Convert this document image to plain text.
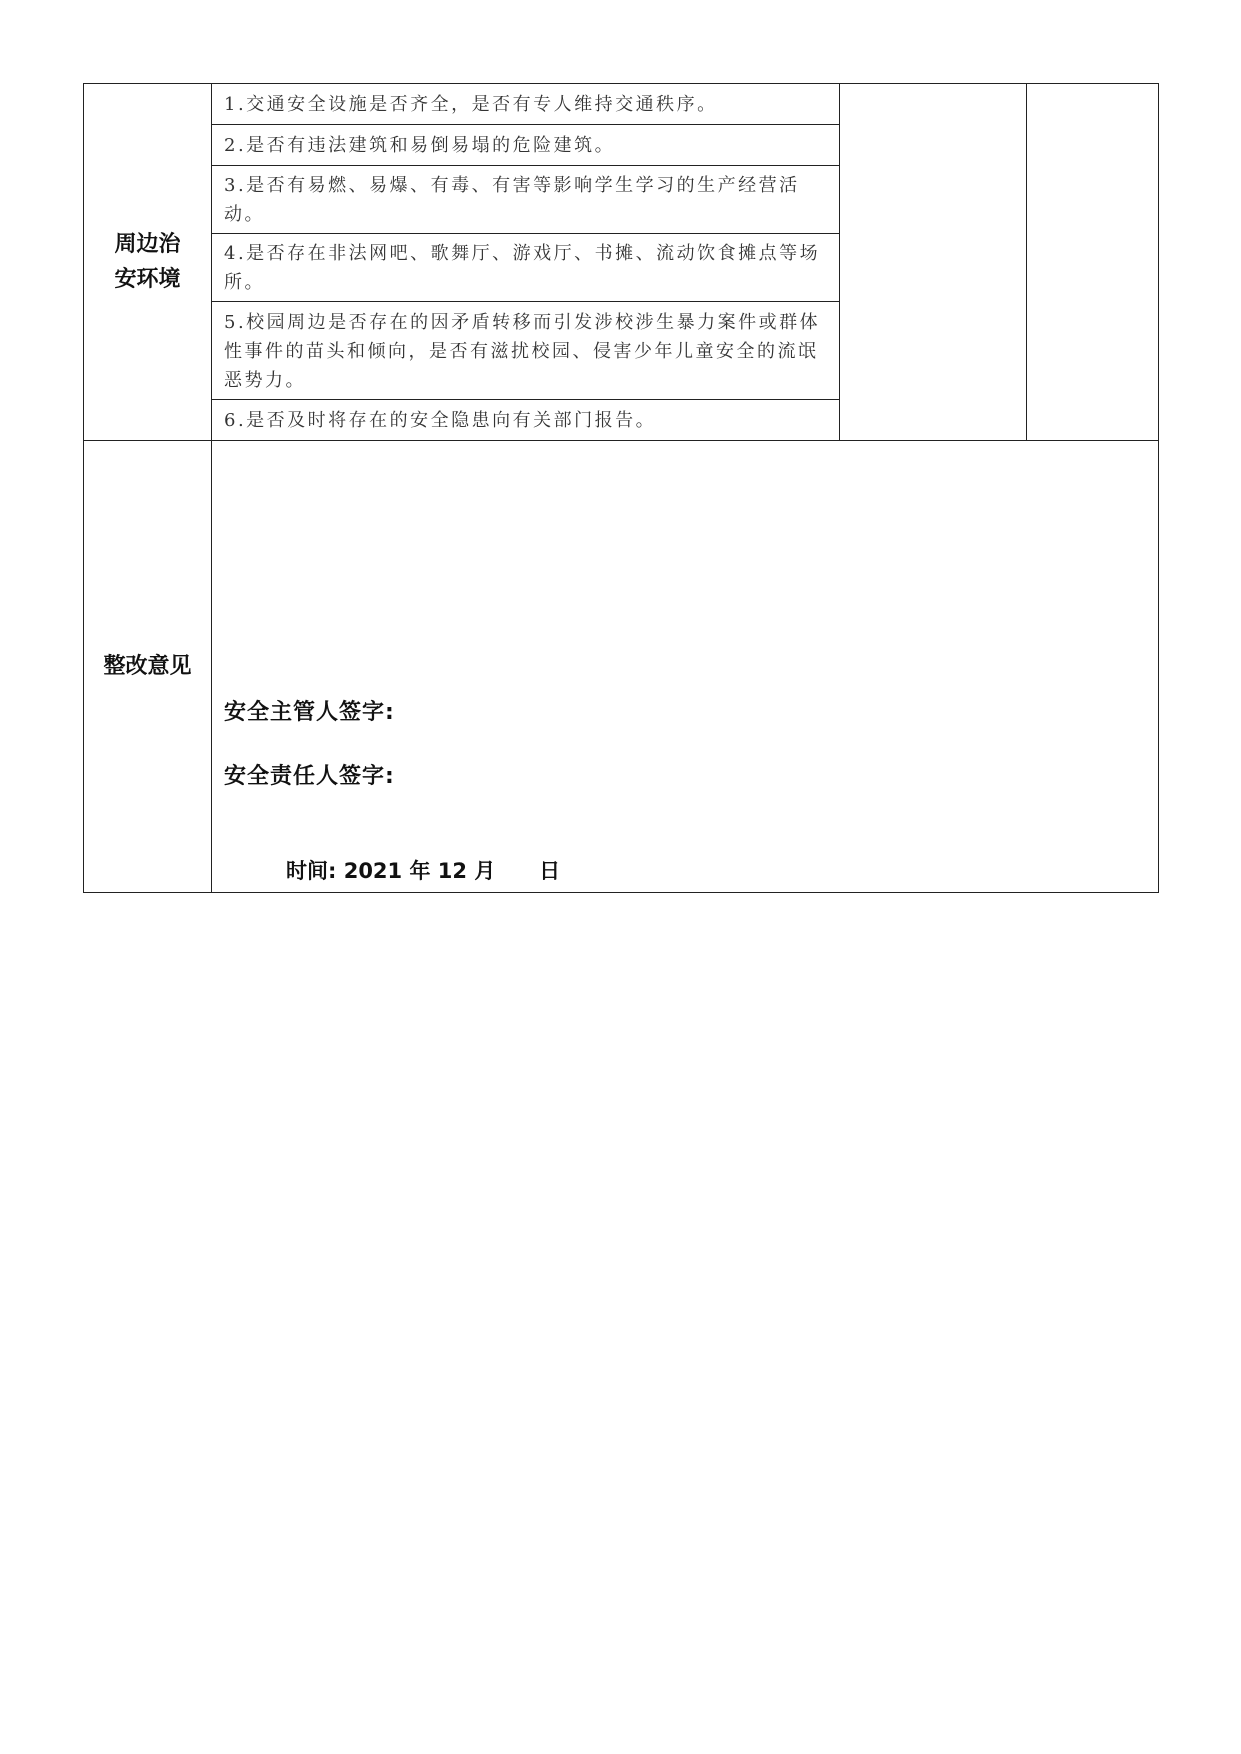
周边治安环境	1.交通安全设施是否齐全，是否有专人维持交通秩序。		
	2.是否有违法建筑和易倒易塌的危险建筑。		
	3.是否有易燃、易爆、有毒、有害等影响学生学习的生产经营活动。		
	4.是否存在非法网吧、歌舞厅、游戏厅、书摊、流动饮食摊点等场所。		
	5.校园周边是否存在的因矛盾转移而引发涉校涉生暴力案件或群体性事件的苗头和倾向，是否有滋扰校园、侵害少年儿童安全的流氓恶势力。		
	6.是否及时将存在的安全隐患向有关部门报告。		
整改意见	安全主管人签字:
安全责任人签字:
时间: 2021 年 12 月      日		
